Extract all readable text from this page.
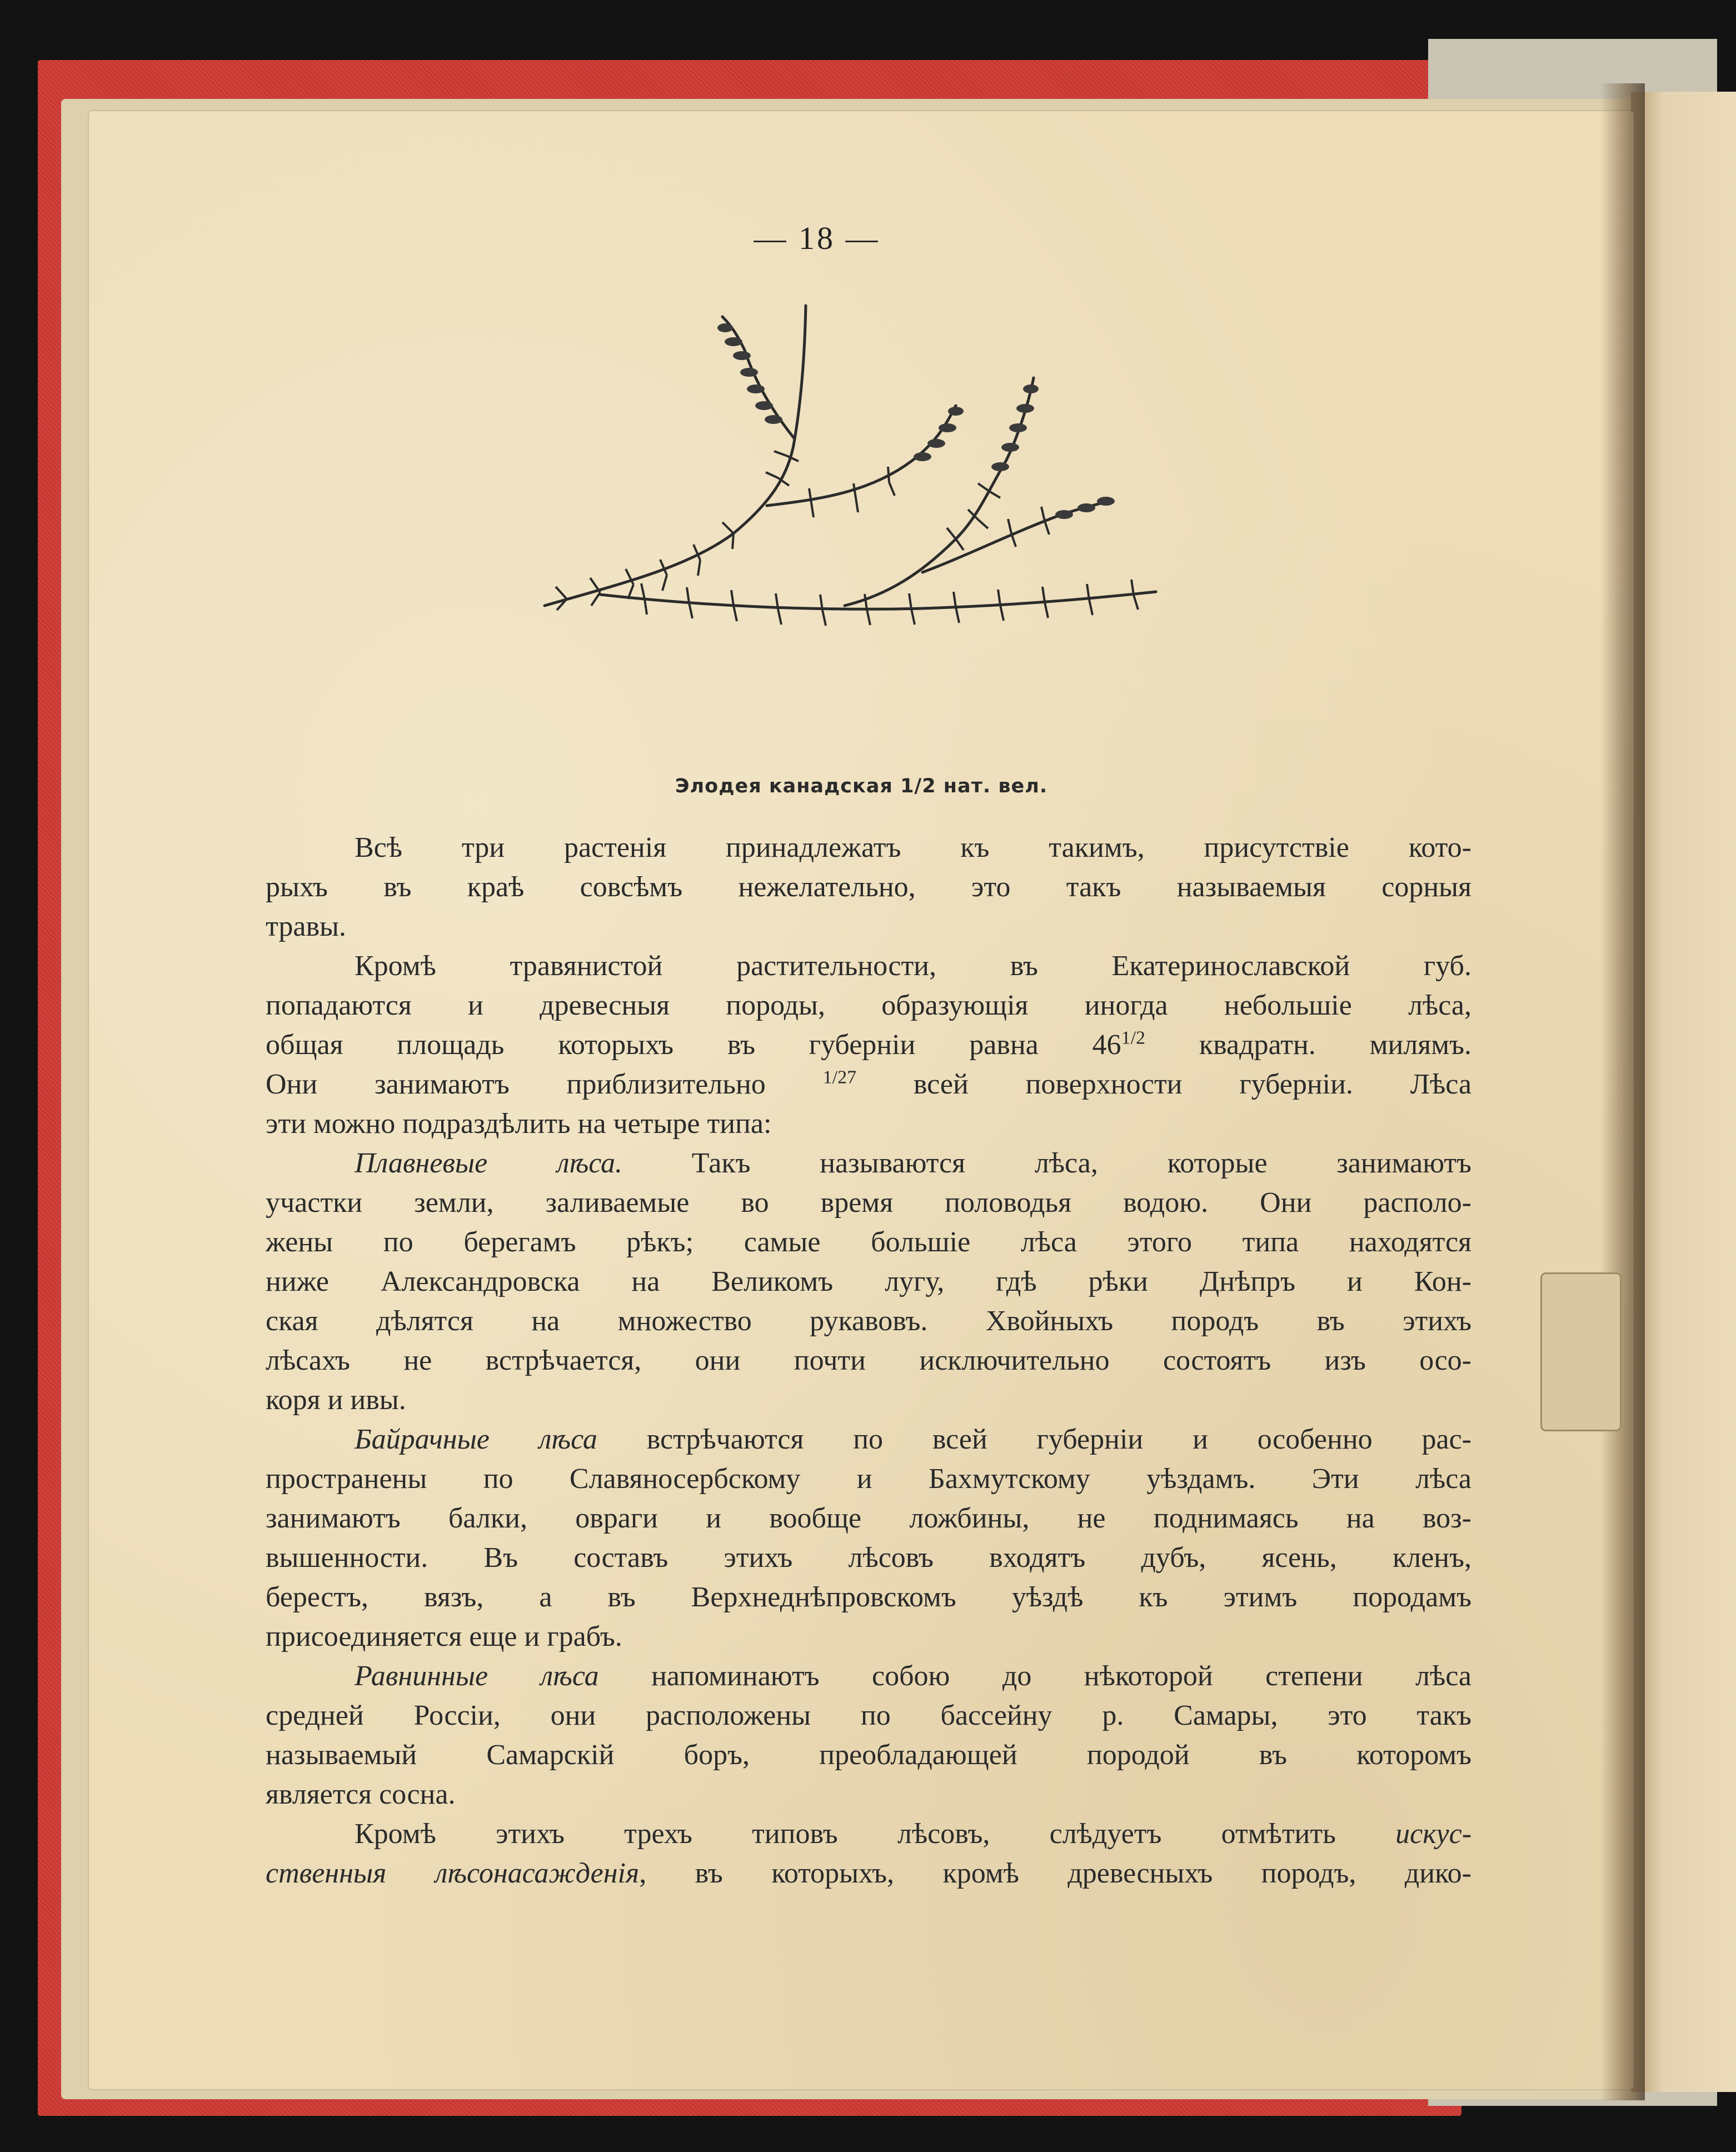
— 18 —
Элодея канадская 1/2 нат. вел.
Всѣ три растенія принадлежатъ къ такимъ, присутствіе кото-
рыхъ въ краѣ совсѣмъ нежелательно, это такъ называемыя сорныя
травы.
Кромѣ травянистой растительности, въ Екатеринославской губ.
попадаются и древесныя породы, образующія иногда небольшіе лѣса,
общая площадь которыхъ въ губерніи равна $46^{1/2}$ квадратн. милямъ.
Они занимаютъ приблизительно	$^{1/27}$ всей поверхности губерніи. Лѣса
эти можно подраздѣлить на четыре типа:
Плавневые лѣса. Такъ называются лѣса, которые занимаютъ
участки земли, заливаемые во время половодья водою. Они располо-
жены по берегамъ рѣкъ; самые большіе лѣса этого типа находятся
ниже Александровска на Великомъ лугу, гдѣ рѣки Днѣпръ и Кон-
ская дѣлятся на множество рукавовъ. Хвойныхъ породъ въ этихъ
лѣсахъ не встрѣчается, они почти исключительно состоятъ изъ осо-
коря и ивы.
Байрачные лѣса встрѣчаются по всей губерніи и особенно рас-
пространены по Славяносербскому и Бахмутскому уѣздамъ. Эти лѣса
занимаютъ балки, овраги и вообще ложбины, не поднимаясь на воз-
вышенности. Въ составъ этихъ лѣсовъ входятъ дубъ, ясень, кленъ,
берестъ, вязъ, а въ Верхнеднѣпровскомъ уѣздѣ къ этимъ породамъ
присоединяется еще и грабъ.
Равнинные лѣса напоминаютъ собою до нѣкоторой степени лѣса
средней Россіи, они расположены по бассейну р. Самары, это такъ
называемый Самарскій боръ, преобладающей породой въ которомъ
является сосна.
Кромѣ этихъ трехъ типовъ лѣсовъ, слѣдуетъ отмѣтить искус-
ственныя лѣсонасажденія, въ которыхъ, кромѣ древесныхъ породъ, дико-
